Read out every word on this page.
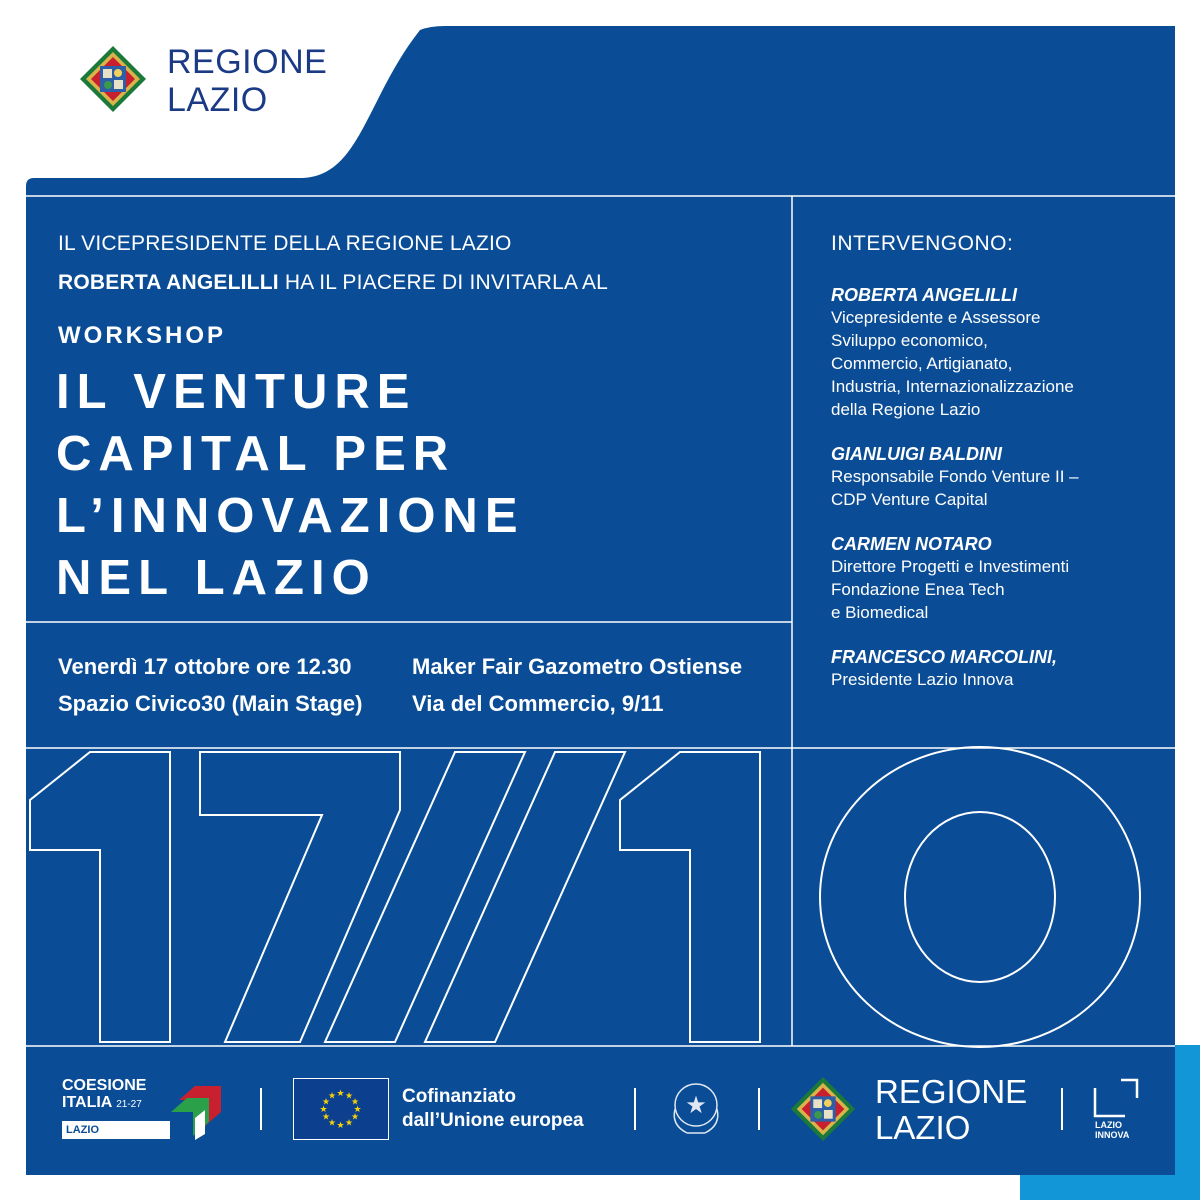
REGIONE
LAZIO
IL VICEPRESIDENTE DELLA REGIONE LAZIO
ROBERTA ANGELILLI HA IL PIACERE DI INVITARLA AL
WORKSHOP
IL VENTURE
CAPITAL PER
L’INNOVAZIONE
NEL LAZIO
Venerdì 17 ottobre ore 12.30
Spazio Civico30 (Main Stage)
Maker Fair Gazometro Ostiense
Via del Commercio, 9/11
INTERVENGONO:
ROBERTA ANGELILLI
Vicepresidente e Assessore
Sviluppo economico,
Commercio, Artigianato,
Industria, Internazionalizzazione
della Regione Lazio
GIANLUIGI BALDINI
Responsabile Fondo Venture II –
CDP Venture Capital
CARMEN NOTARO
Direttore Progetti e Investimenti
Fondazione Enea Tech
e Biomedical
FRANCESCO MARCOLINI,
Presidente Lazio Innova
COESIONE
ITALIA 21-27
LAZIO
★ ★
★
★
★
★
★
★
★
★
★
★	Cofinanziato
dall’Unione europea
★	REGIONE
LAZIO	LAZIO
INNOVA
